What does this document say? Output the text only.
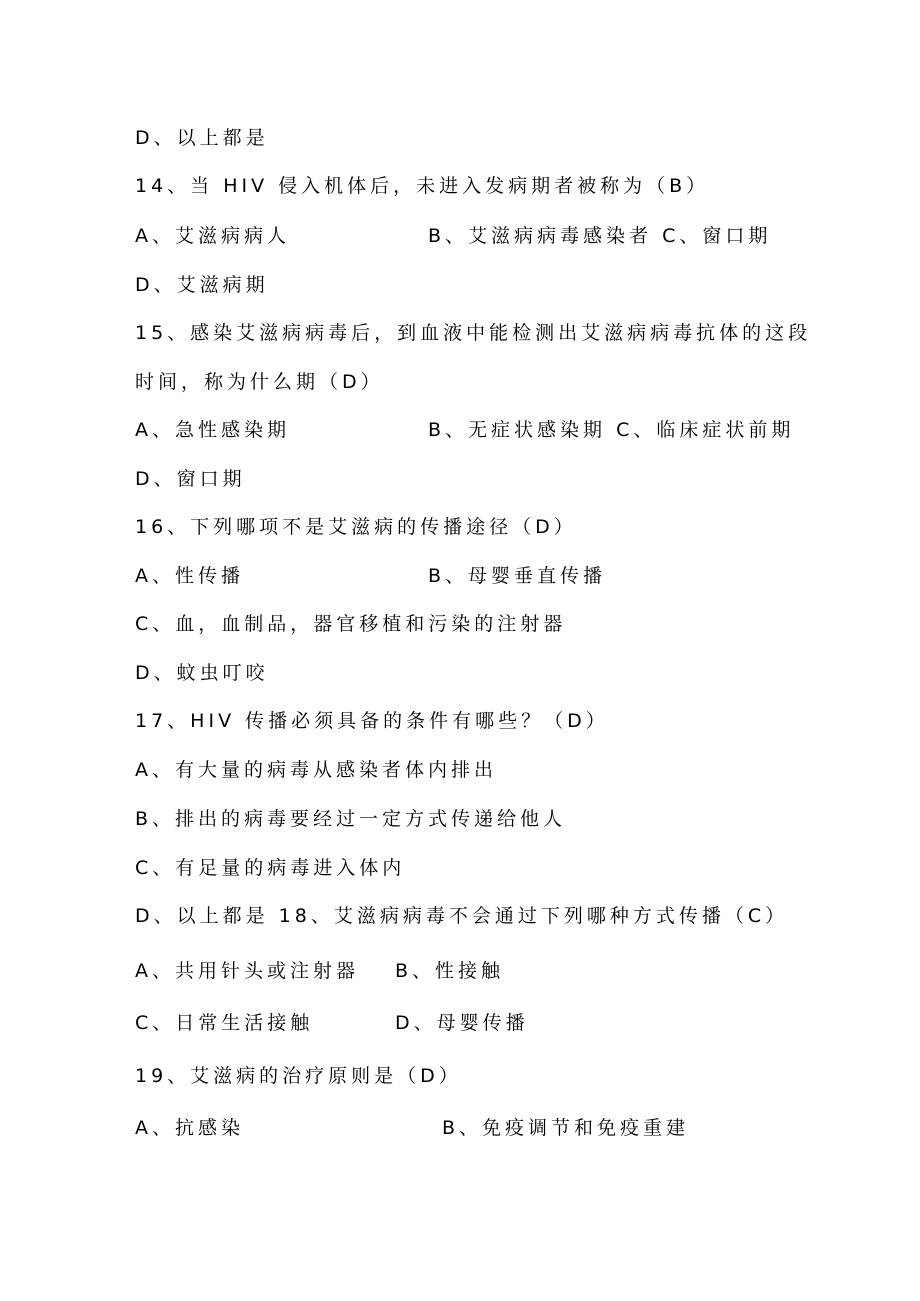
D、以上都是
14、当 HIV 侵入机体后，未进入发病期者被称为（B）
A、艾滋病病人	B、艾滋病病毒感染者 C、窗口期
D、艾滋病期
15、感染艾滋病病毒后，到血液中能检测出艾滋病病毒抗体的这段
时间，称为什么期（D）
A、急性感染期	B、无症状感染期 C、临床症状前期
D、窗口期
16、下列哪项不是艾滋病的传播途径（D）
A、性传播	B、母婴垂直传播
C、血，血制品，器官移植和污染的注射器
D、蚊虫叮咬
17、HIV 传播必须具备的条件有哪些？（D）
A、有大量的病毒从感染者体内排出
B、排出的病毒要经过一定方式传递给他人
C、有足量的病毒进入体内
D、以上都是 18、艾滋病病毒不会通过下列哪种方式传播（C）
A、共用针头或注射器 B、性接触
C、日常生活接触	D、母婴传播
19、艾滋病的治疗原则是（D）
A、抗感染	B、免疫调节和免疫重建
